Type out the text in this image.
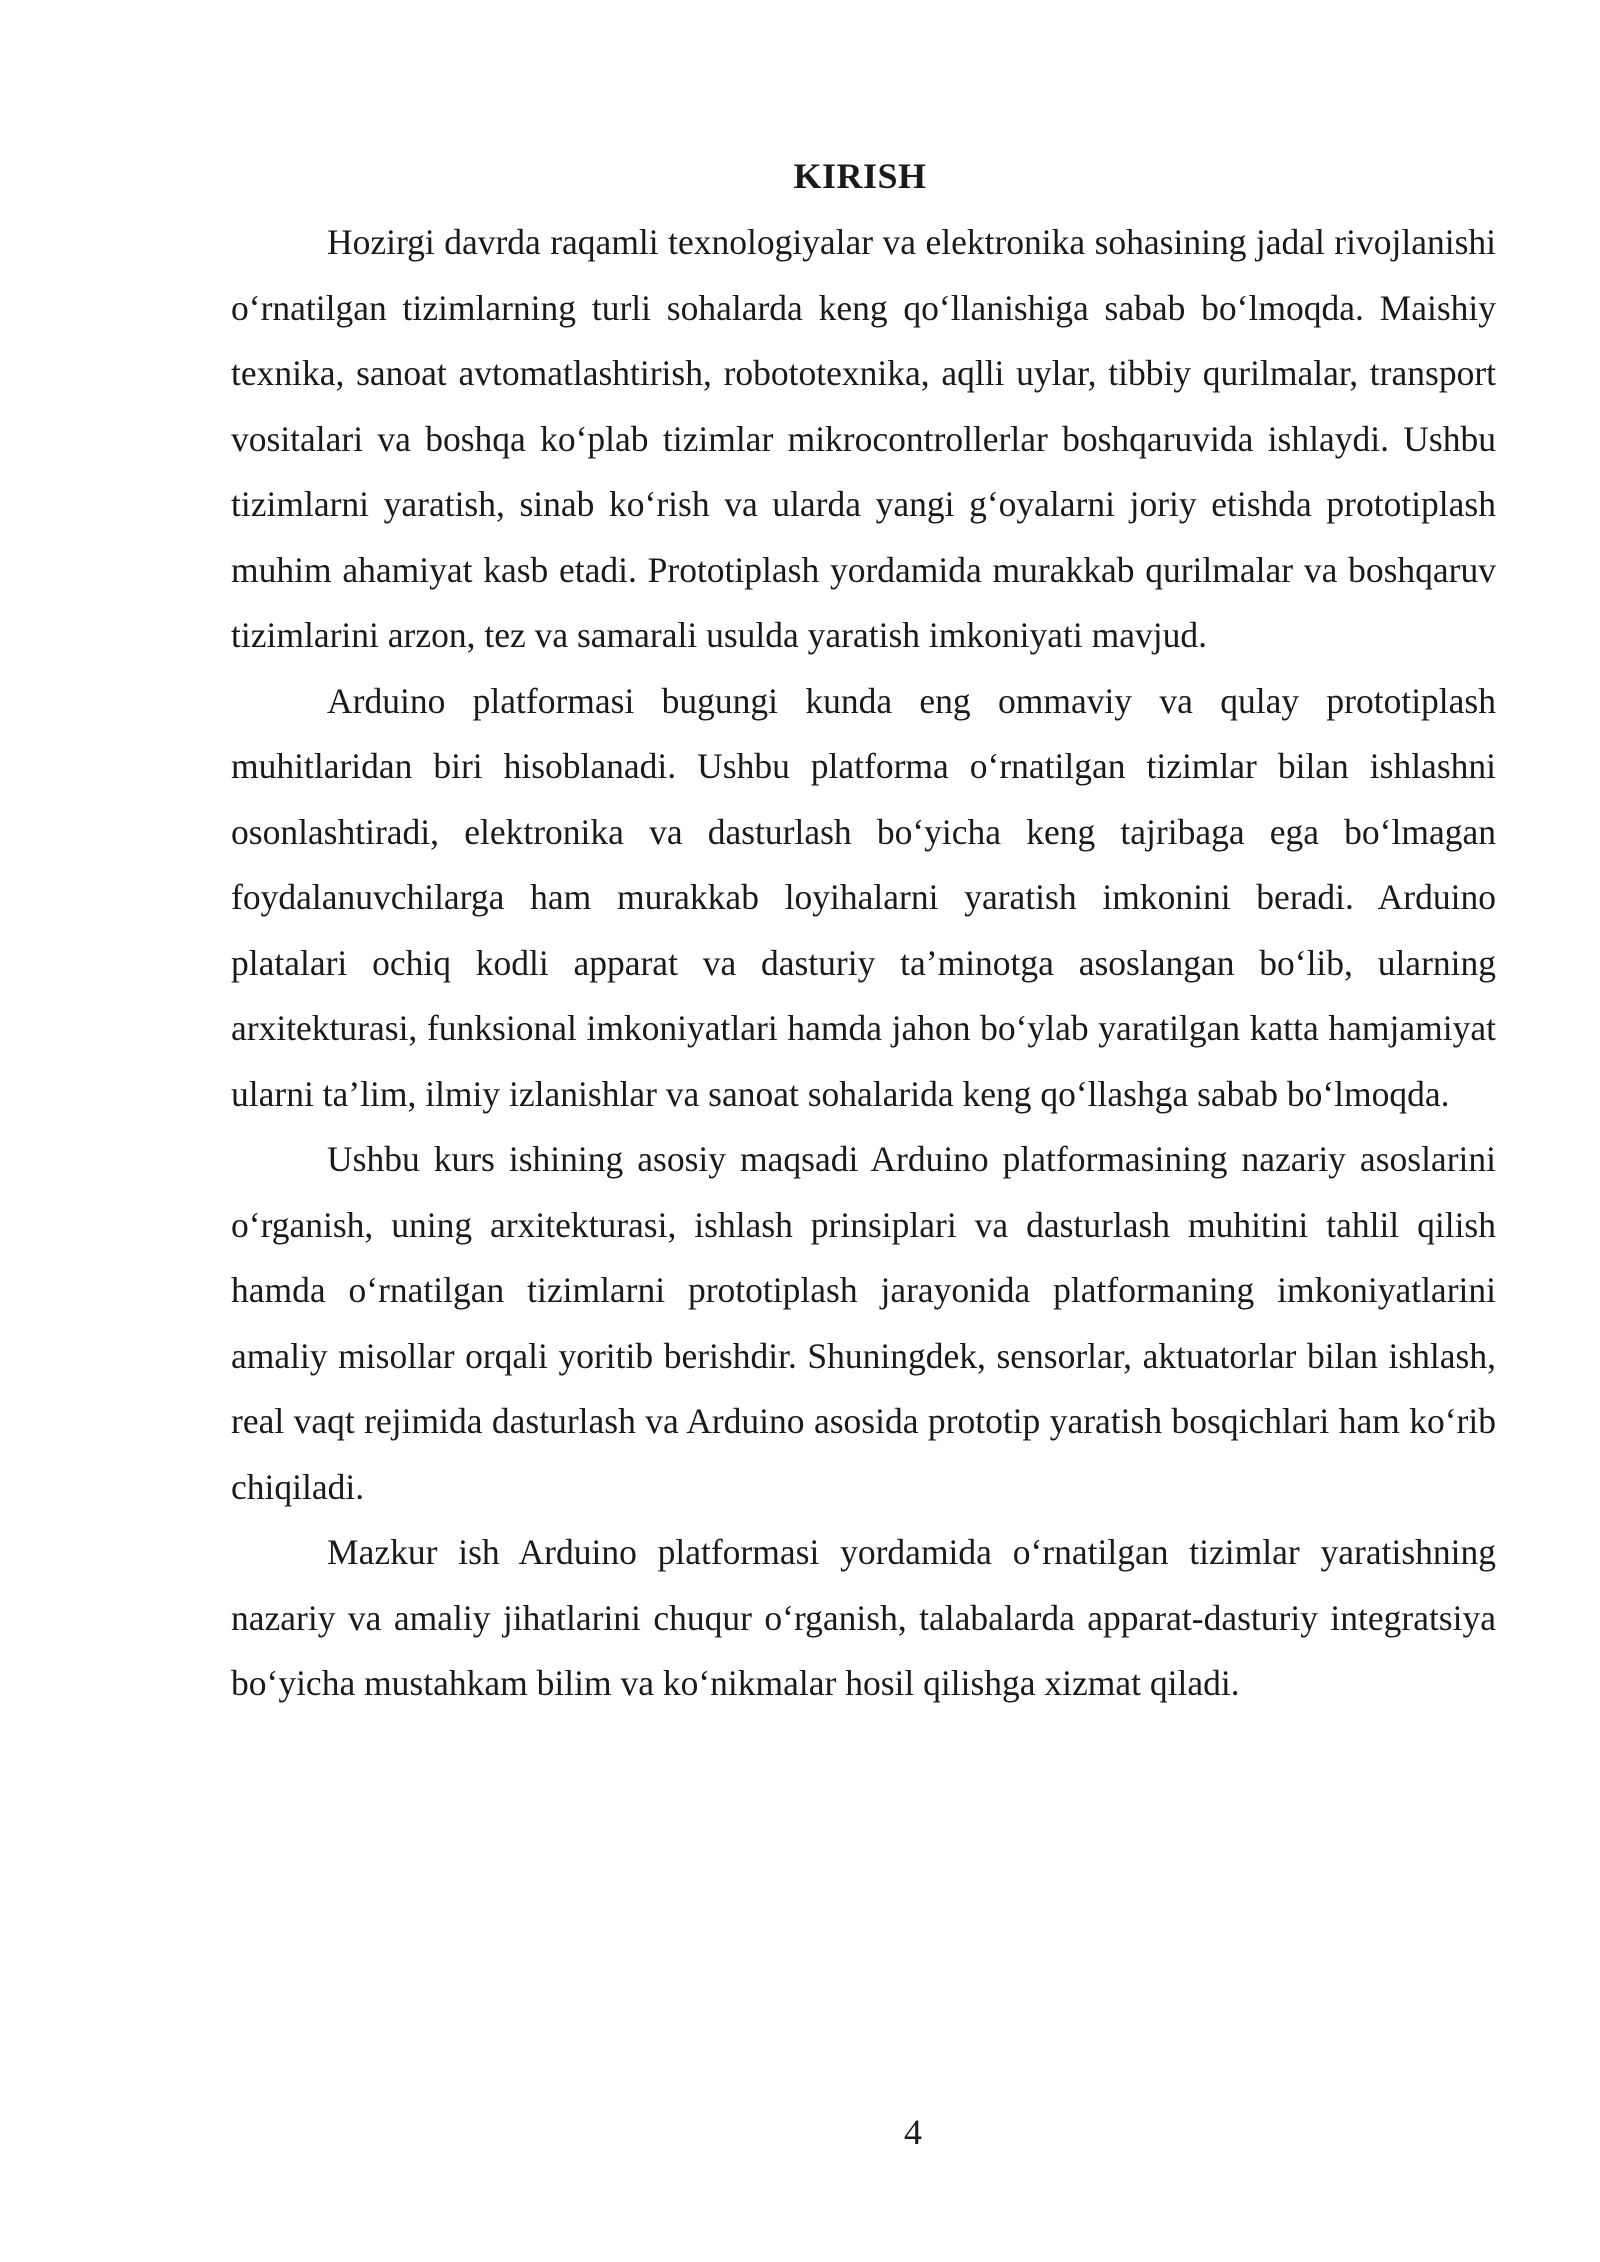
KIRISH

Hozirgi davrda raqamli texnologiyalar va elektronika sohasining jadal rivojlanishi oʻrnatilgan tizimlarning turli sohalarda keng qoʻllanishiga sabab boʻlmoqda. Maishiy texnika, sanoat avtomatlashtirish, robototexnika, aqlli uylar, tibbiy qurilmalar, transport vositalari va boshqa koʻplab tizimlar mikrocontrollerlar boshqaruvida ishlaydi. Ushbu tizimlarni yaratish, sinab koʻrish va ularda yangi gʻoyalarni joriy etishda prototiplash muhim ahamiyat kasb etadi. Prototiplash yordamida murakkab qurilmalar va boshqaruv tizimlarini arzon, tez va samarali usulda yaratish imkoniyati mavjud.

Arduino platformasi bugungi kunda eng ommaviy va qulay prototiplash muhitlaridan biri hisoblanadi. Ushbu platforma oʻrnatilgan tizimlar bilan ishlashni osonlashtiradi, elektronika va dasturlash boʻyicha keng tajribaga ega boʻlmagan foydalanuvchilarga ham murakkab loyihalarni yaratish imkonini beradi. Arduino platalari ochiq kodli apparat va dasturiy ta’minotga asoslangan boʻlib, ularning arxitekturasi, funksional imkoniyatlari hamda jahon boʻylab yaratilgan katta hamjamiyat ularni ta’lim, ilmiy izlanishlar va sanoat sohalarida keng qoʻllashga sabab boʻlmoqda.

Ushbu kurs ishining asosiy maqsadi Arduino platformasining nazariy asoslarini oʻrganish, uning arxitekturasi, ishlash prinsiplari va dasturlash muhitini tahlil qilish hamda oʻrnatilgan tizimlarni prototiplash jarayonida platformaning imkoniyatlarini amaliy misollar orqali yoritib berishdir. Shuningdek, sensorlar, aktuatorlar bilan ishlash, real vaqt rejimida dasturlash va Arduino asosida prototip yaratish bosqichlari ham koʻrib chiqiladi.

Mazkur ish Arduino platformasi yordamida oʻrnatilgan tizimlar yaratishning nazariy va amaliy jihatlarini chuqur oʻrganish, talabalarda apparat-dasturiy integratsiya boʻyicha mustahkam bilim va koʻnikmalar hosil qilishga xizmat qiladi.

4
